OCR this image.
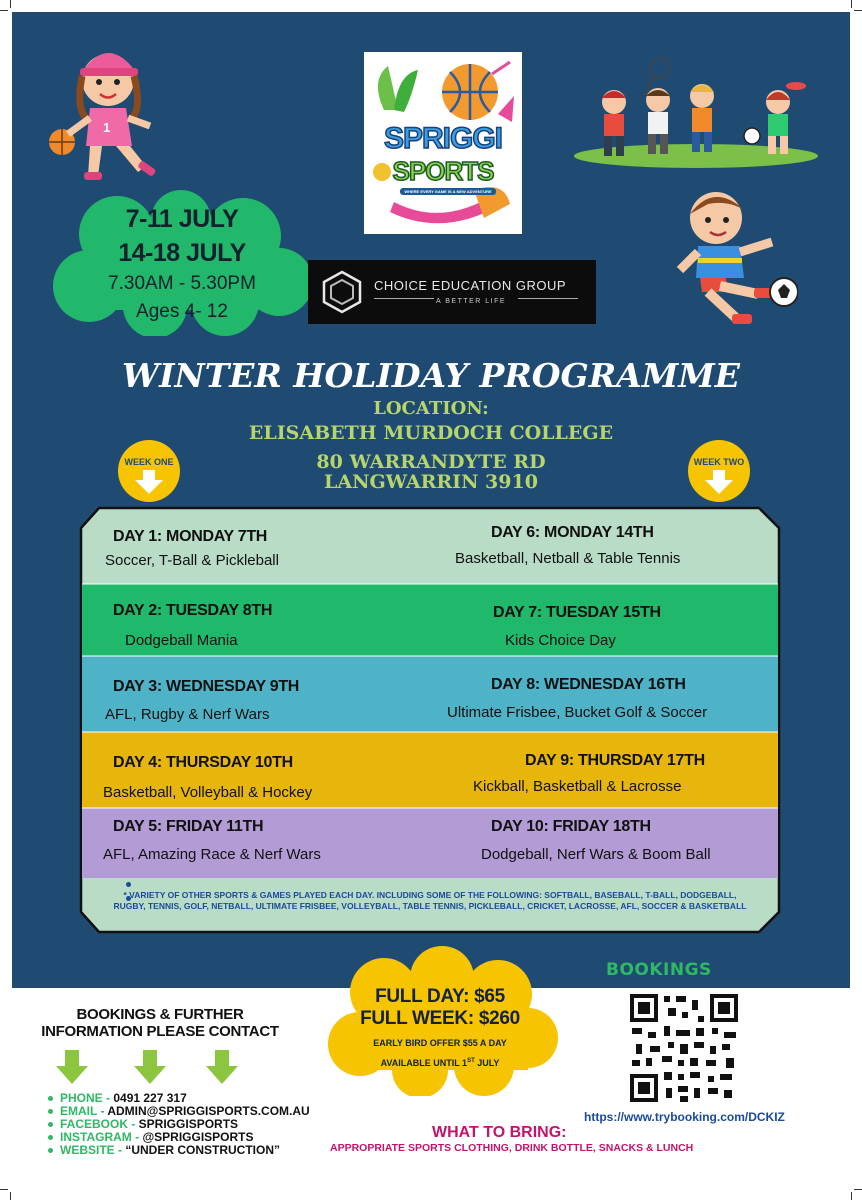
1	SPRIGGI
SPORTS
WHERE EVERY GAME IS A NEW ADVENTURE
7-11 JULY
14-18 JULY
7.30AM - 5.30PM
Ages 4- 12
CHOICE EDUCATION GROUP
A BETTER LIFE
WINTER HOLIDAY PROGRAMME
LOCATION:
ELISABETH MURDOCH COLLEGE
80 WARRANDYTE RD
LANGWARRIN 3910
WEEK ONE	WEEK TWO
DAY 1: MONDAY 7TH
Soccer, T-Ball & Pickleball
DAY 6: MONDAY 14TH
Basketball, Netball & Table Tennis
DAY 2: TUESDAY 8TH
Dodgeball Mania
DAY 7: TUESDAY 15TH
Kids Choice Day
DAY 3: WEDNESDAY 9TH
AFL, Rugby & Nerf Wars
DAY 8: WEDNESDAY 16TH
Ultimate Frisbee, Bucket Golf & Soccer
DAY 4: THURSDAY 10TH
Basketball, Volleyball & Hockey
DAY 9: THURSDAY 17TH
Kickball, Basketball & Lacrosse
DAY 5: FRIDAY 11TH
AFL, Amazing Race & Nerf Wars
DAY 10: FRIDAY 18TH
Dodgeball, Nerf Wars & Boom Ball
* VARIETY OF OTHER SPORTS & GAMES PLAYED EACH DAY. INCLUDING SOME OF THE FOLLOWING: SOFTBALL, BASEBALL, T-BALL, DODGEBALL, RUGBY, TENNIS, GOLF, NETBALL, ULTIMATE FRISBEE, VOLLEYBALL, TABLE TENNIS, PICKLEBALL, CRICKET, LACROSSE, AFL, SOCCER & BASKETBALL
BOOKINGS
BOOKINGS & FURTHER
INFORMATION PLEASE CONTACT
PHONE - 0491 227 317
EMAIL - ADMIN@SPRIGGISPORTS.COM.AU
FACEBOOK - SPRIGGISPORTS
INSTAGRAM - @SPRIGGISPORTS
WEBSITE - “UNDER CONSTRUCTION”
FULL DAY: $65
FULL WEEK: $260
EARLY BIRD OFFER $55 A DAY
AVAILABLE UNTIL 1ST JULY
https://www.trybooking.com/DCKIZ
WHAT TO BRING:
APPROPRIATE SPORTS CLOTHING, DRINK BOTTLE, SNACKS & LUNCH
